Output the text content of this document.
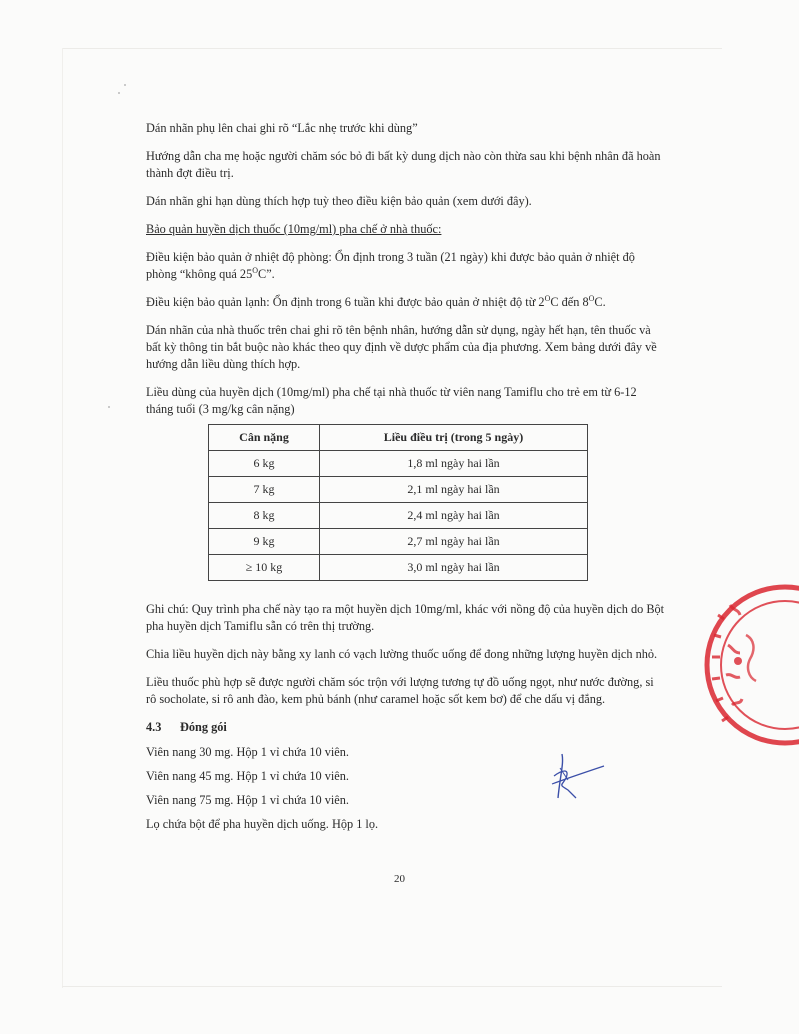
Dán nhãn phụ lên chai ghi rõ “Lắc nhẹ trước khi dùng”

Hướng dẫn cha mẹ hoặc người chăm sóc bỏ đi bất kỳ dung dịch nào còn thừa sau khi bệnh nhân đã hoàn thành đợt điều trị.

Dán nhãn ghi hạn dùng thích hợp tuỳ theo điều kiện bảo quản (xem dưới đây).

Bảo quản huyền dịch thuốc (10mg/ml) pha chế ở nhà thuốc:

Điều kiện bảo quản ở nhiệt độ phòng: Ổn định trong 3 tuần (21 ngày) khi được bảo quản ở nhiệt độ phòng “không quá $25^OC$”.

Điều kiện bảo quản lạnh: Ổn định trong 6 tuần khi được bảo quản ở nhiệt độ từ $2^OC$ đến $8^OC$.

Dán nhãn của nhà thuốc trên chai ghi rõ tên bệnh nhân, hướng dẫn sử dụng, ngày hết hạn, tên thuốc và bất kỳ thông tin bắt buộc nào khác theo quy định về dược phẩm của địa phương. Xem bảng dưới đây về hướng dẫn liều dùng thích hợp.

Liều dùng của huyền dịch (10mg/ml) pha chế tại nhà thuốc từ viên nang Tamiflu cho trẻ em từ 6-12 tháng tuổi (3 mg/kg cân nặng)

Cân nặng	Liều điều trị (trong 5 ngày)
6 kg	1,8 ml ngày hai lần
7 kg	2,1 ml ngày hai lần
8 kg	2,4 ml ngày hai lần
9 kg	2,7 ml ngày hai lần
≥ 10 kg	3,0 ml ngày hai lần

Ghi chú: Quy trình pha chế này tạo ra một huyền dịch 10mg/ml, khác với nồng độ của huyền dịch do Bột pha huyền dịch Tamiflu sẵn có trên thị trường.

Chia liều huyền dịch này bằng xy lanh có vạch lường thuốc uống để đong những lượng huyền dịch nhỏ.

Liều thuốc phù hợp sẽ được người chăm sóc trộn với lượng tương tự đồ uống ngọt, như nước đường, si rô socholate, si rô anh đào, kem phủ bánh (như caramel hoặc sốt kem bơ) để che dấu vị đắng.

4.3 Đóng gói

Viên nang 30 mg. Hộp 1 vỉ chứa 10 viên.

Viên nang 45 mg. Hộp 1 vỉ chứa 10 viên.

Viên nang 75 mg. Hộp 1 vỉ chứa 10 viên.

Lọ chứa bột để pha huyền dịch uống. Hộp 1 lọ.

20
